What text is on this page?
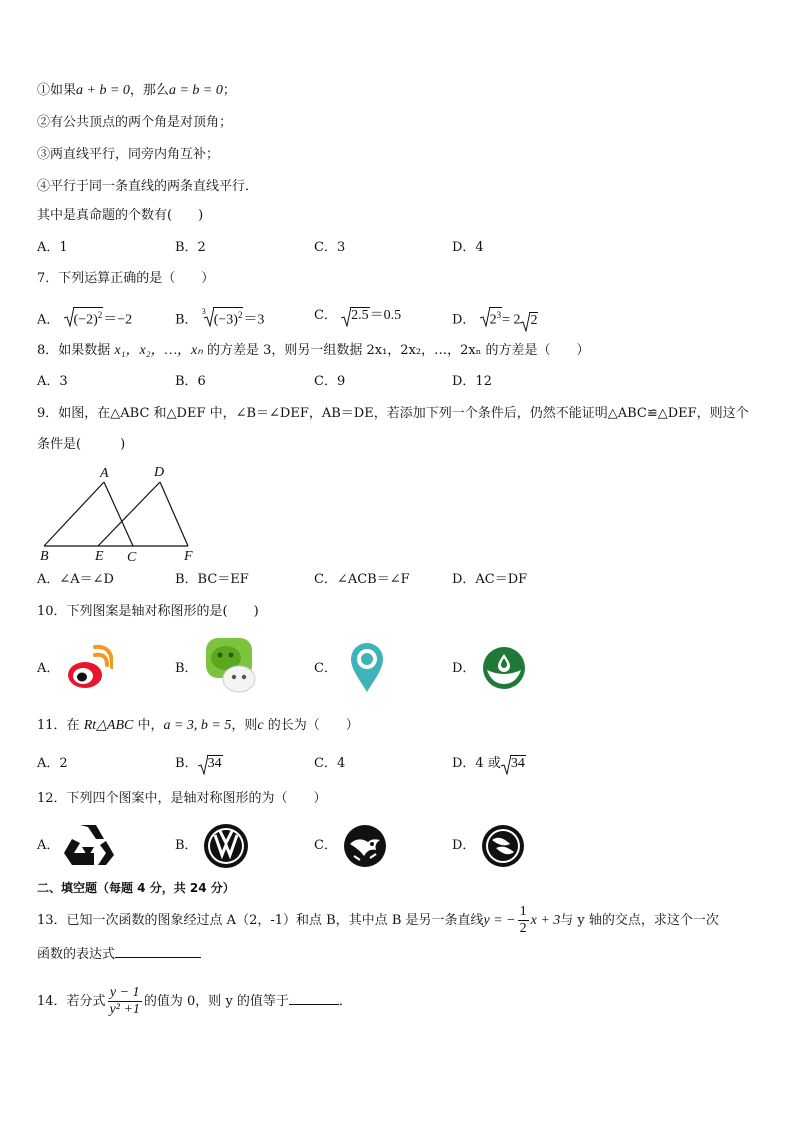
①如果a + b = 0，那么a = b = 0；
②有公共顶点的两个角是对顶角；
③两直线平行，同旁内角互补；
④平行于同一条直线的两条直线平行．
其中是真命题的个数有(　　)
A．1	B．2	C．3	D．4
7．下列运算正确的是（　　）
A． $(-2)^2=-2$	B．
3
$(-3)^2=3$	C． 2.5＝0.5	D． $2^3= 2$ 2
8．如果数据 x₁，x₂，…，xₙ 的方差是 3，则另一组数据 2x₁，2x₂，…，2xₙ 的方差是（　　）
A．3	B．6	C．9	D．12
9．如图，在△ABC 和△DEF 中，∠B＝∠DEF，AB＝DE，若添加下列一个条件后，仍然不能证明△ABC≌△DEF，则这个
条件是(　　　)
A	D
B	E C	F
A．∠A＝∠D	B．BC＝EF	C．∠ACB＝∠F	D．AC＝DF
10．下列图案是轴对称图形的是(　　)
A．	B．	C．	D．
11．在 Rt△ABC 中，a = 3, b = 5，则c 的长为（　　）
A．2	B． 34	C．4	D．4 或 34
12．下列四个图案中，是轴对称图形的为（　　）
A．	B．	C．	D．
二、填空题（每题 4 分，共 24 分）
13．已知一次函数的图象经过点 A（2，-1）和点 B，其中点 B 是另一条直线y = − $\frac{1}{2}$ x + 3与 y 轴的交点，求这个一次
函数的表达式
14．若分式 $\frac{y - 1}{\text{y² +1}}$ 的值为 0，则 y 的值等于	．
